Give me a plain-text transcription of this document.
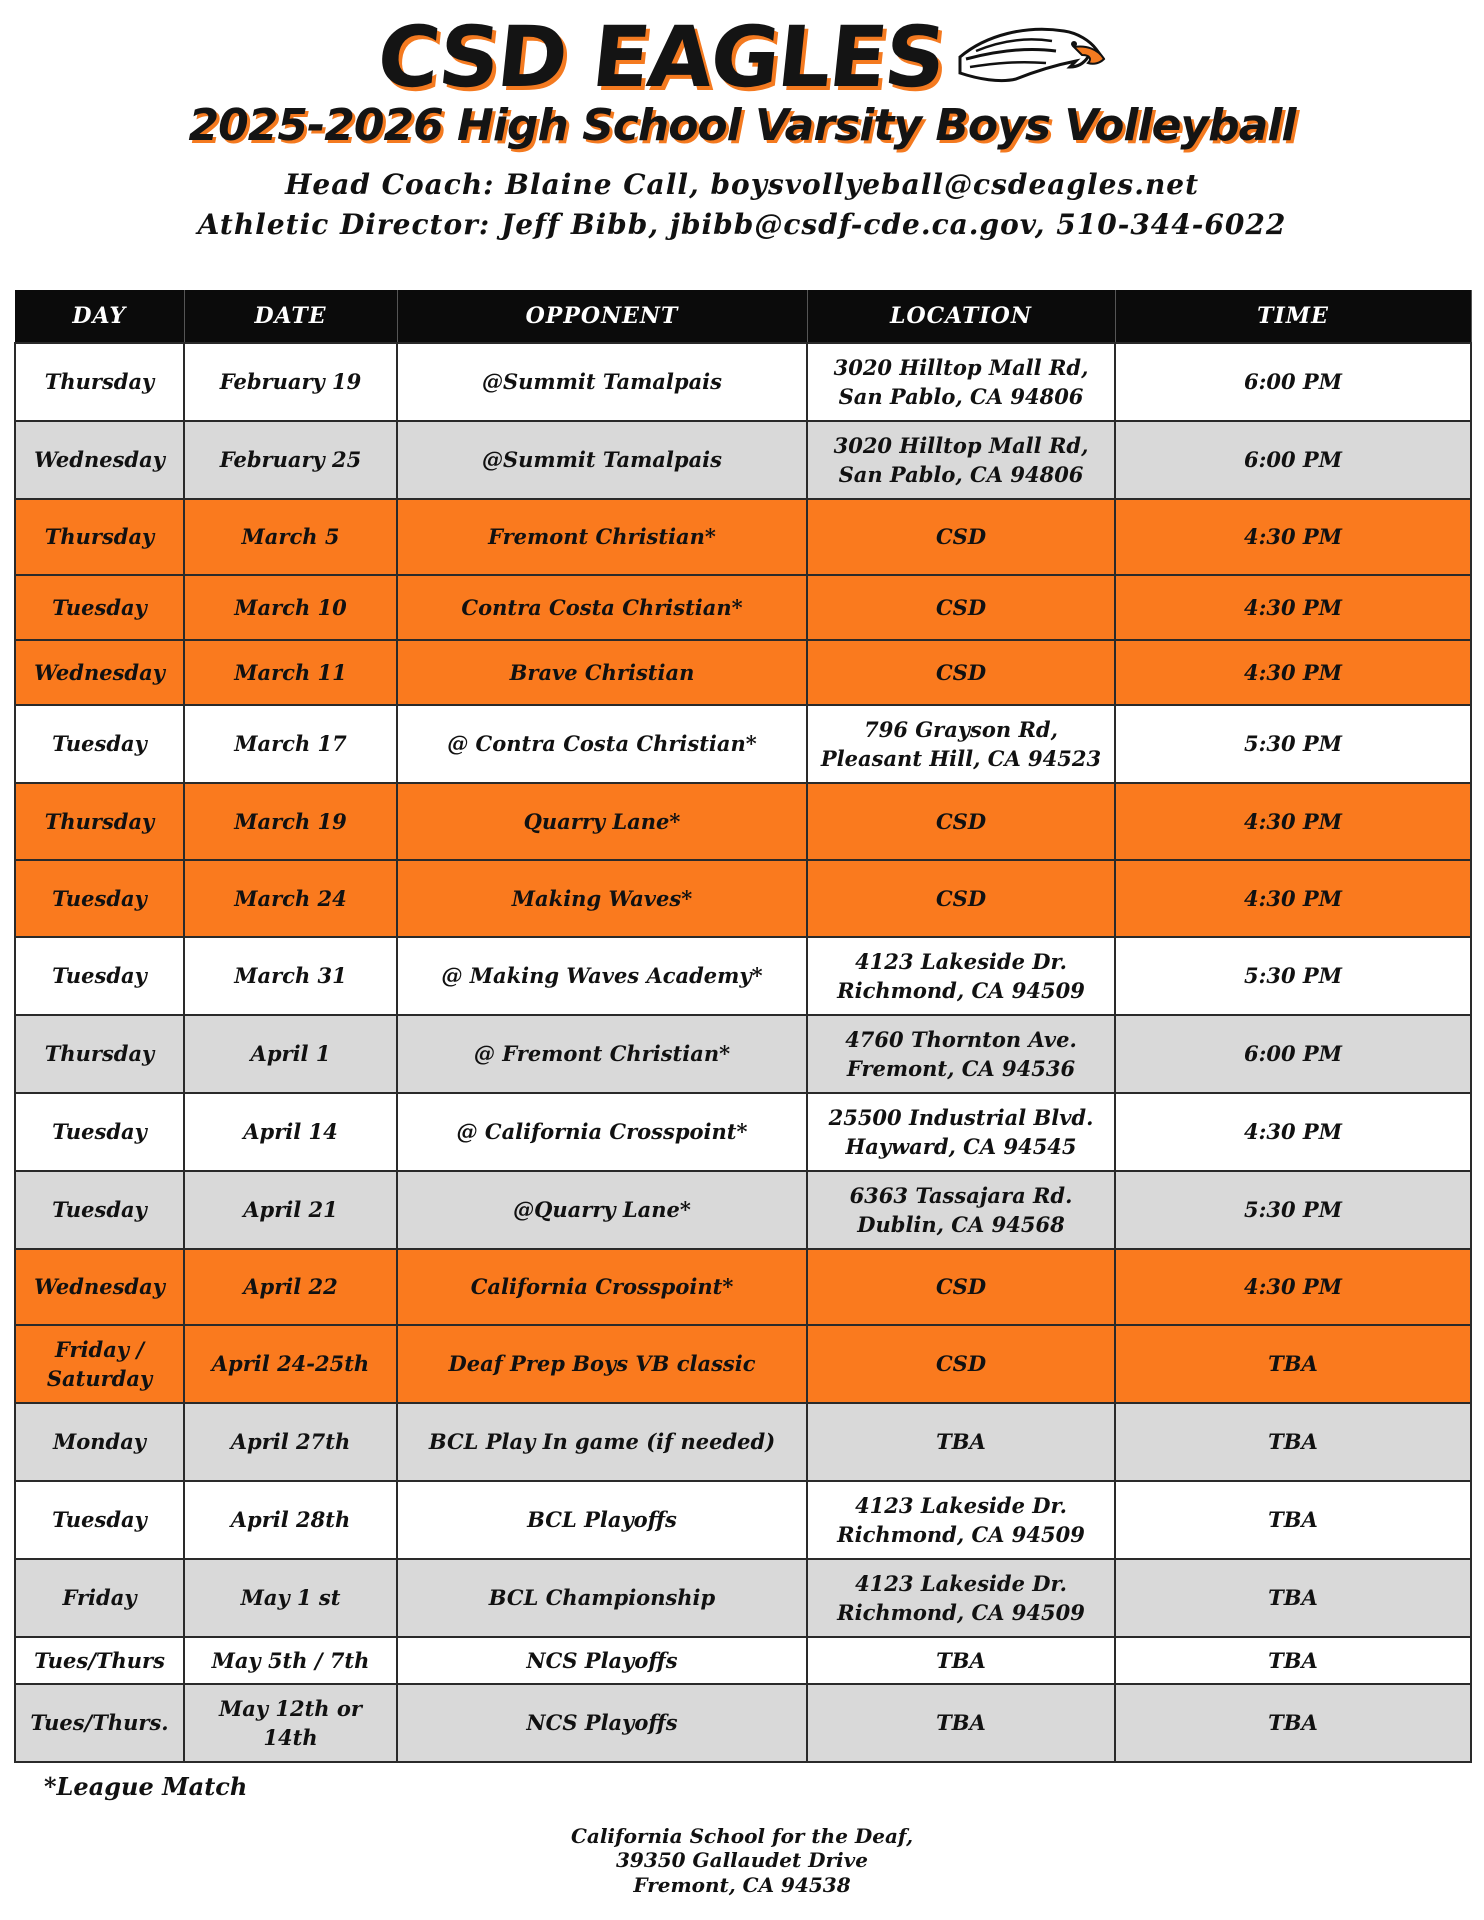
CSD EAGLES
2025-2026 High School Varsity Boys Volleyball
Head Coach: Blaine Call, boysvollyeball@csdeagles.net
Athletic Director: Jeff Bibb, jbibb@csdf-cde.ca.gov, 510-344-6022
DAY	DATE	OPPONENT	LOCATION	TIME
Thursday	February 19	@Summit Tamalpais	3020 Hilltop Mall Rd,
San Pablo, CA 94806	6:00 PM
Wednesday	February 25	@Summit Tamalpais	3020 Hilltop Mall Rd,
San Pablo, CA 94806	6:00 PM
Thursday	March 5	Fremont Christian*	CSD	4:30 PM
Tuesday	March 10	Contra Costa Christian*	CSD	4:30 PM
Wednesday	March 11	Brave Christian	CSD	4:30 PM
Tuesday	March 17	@ Contra Costa Christian*	796 Grayson Rd,
Pleasant Hill, CA 94523	5:30 PM
Thursday	March 19	Quarry Lane*	CSD	4:30 PM
Tuesday	March 24	Making Waves*	CSD	4:30 PM
Tuesday	March 31	@ Making Waves Academy*	4123 Lakeside Dr.
Richmond, CA 94509	5:30 PM
Thursday	April 1	@ Fremont Christian*	4760 Thornton Ave.
Fremont, CA 94536	6:00 PM
Tuesday	April 14	@ California Crosspoint*	25500 Industrial Blvd.
Hayward, CA 94545	4:30 PM
Tuesday	April 21	@Quarry Lane*	6363 Tassajara Rd.
Dublin, CA 94568	5:30 PM
Wednesday	April 22	California Crosspoint*	CSD	4:30 PM

Friday /
Saturday	April 24-25th	Deaf Prep Boys VB classic	CSD	TBA
Monday	April 27th	BCL Play In game (if needed)	TBA	TBA
Tuesday	April 28th	BCL Playoffs	4123 Lakeside Dr.
Richmond, CA 94509	TBA
Friday	May 1 st	BCL Championship	4123 Lakeside Dr.
Richmond, CA 94509	TBA
Tues/Thurs	May 5th / 7th	NCS Playoffs	TBA	TBA
Tues/Thurs.	May 12th or 14th	NCS Playoffs	TBA	TBA
*League Match
California School for the Deaf,
39350 Gallaudet Drive
Fremont, CA 94538
